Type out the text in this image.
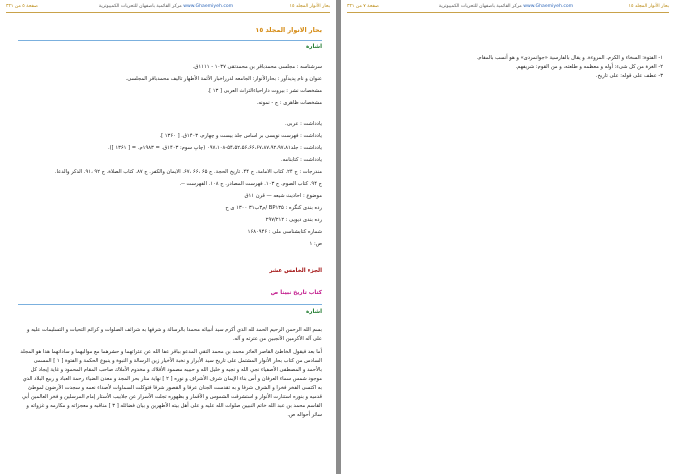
بحار الأنوار المجلد ١٥
مركز القائمية باصفهان للتحريات الكمپيوترية www.Ghaemiyeh.com
صفحة ٥ من ٣٢١
بحار الانوار المجلد ١٥
اشارة
سرشناسه : مجلسی محمدباقر بن محمدتقی ۱۰۳۷ - ۱۱۱۱ق.
عنوان و نام پديدآور : بحارالأنوار: الجامعه لدرراخبار الأئمة الأطهار تاليف محمدباقر المجلسی.
مشخصات نشر : بيروت داراحياءالتراث العربی [ ۱۳ ].
مشخصات ظاهری : ج - نمونه.
يادداشت : عربی.
يادداشت : فهرست نويسی بر اساس جلد بيست و چهارم، ۱۴۰۳ق. [ ۱۳۶۰ ].
يادداشت : جلد۵۴،۵۲،۵۶،۶۶،۶۷،۸۷،۹۲،۹۷،۸۱-۰۹۷،۱۰۸ (چاپ سوم: ۱۴۰۳ق. = ۱۹۸۳م. = [ ۱۳۶۱ ]).
يادداشت : کتابنامه.
مندرجات : ج ۲۴. کتاب الامامة. ج ۴۴. تاريخ الحجة. ج ۶۵ ،۶۶ ،۶۷. الايمان والكفر. ج ۸۷. كتاب الصلاة. ج ۹۲ ،۹۱. الذكر والدعا.
ج ۹۴. کتاب الصوم. ج ۱۰۳. فهرست المصادر. ج ۱۰۸. الفهرست --.
موضوع : احاديث شيعه — قرن ۱۱ق
رده بندی کنگره : BP۱۳۵ /م۳ب۳۱ ۱۳۰۰ ی ح
رده بندی ديويی : ۲۹۷/۲۱۲
شماره کتابشناسی ملی : ۱۶۸۰۹۴۶
ص: ۱
الجزء الخامس عشر
كتاب تاريخ نبينا ص
اشارة

بسم الله الرحمن الرحيم الحمد لله الذي أكرم سيد أنبيائه محمدا بالرسالة و شرفها به شرائف الصلوات و كرائم التحيات و التسليمات عليه و على آله الأكرمين الأنجبين من عترته و آله.

أما بعد فيقول الخاطئ القاصر العاثر محمد بن محمد التقي المدعو بباقر عفا الله عن عثراتهما و حشرهما مع مواليهما و ساداتهما هذا هو المجلد السادس من كتاب بحار الأنوار المشتمل على تاريخ سيد الأبرار و نخبة الأخيار زين الرسالة و النبوة و ينبوع الحكمة و الفتوة [ ۱ ] المسمى بالأحمد و المصطفى الأصفياء نجي الله و نجيه و خليل الله و حبيبه مصمود الأفلاك و مخدوم الأملاك صاحب المقام المحمود و غاية إيجاد كل موجود شمس سماء العرفان و أس بناء الإيمان شرف الأشراف و نوره [ ۲ ] نهاية منار بحر المجد و معدن الضياء رحمة العباد و ربيع البلاد الذي به اكتسى الفخر فخرا و الشرف شرفا و به تقدست الجنان عرفا و القصور شرفا فتوكلت السماوات لأصداء نعمه و سجدت الأرضون لموطئ قدميه و بنوره استنارت الأنوار و استشرقت الشموس و الأقمار و بظهوره تجلت الأسرار عن جلابيب الأستار إمام المرسلين و فخر العالمين أبي القاسم محمد بن عبد الله خاتم النبيين صلوات الله عليه و على أهل بيته الأطهرين و بيان فضائله [ ۳ ] مناقبه و معجزاته و مكارمه و غزواته و سائر أحواله ص.

بحار الأنوار المجلد ١٥
مركز القائمية باصفهان للتحريات الكمپيوترية www.Ghaemiyeh.com
صفحة ٧ من ٣٢١
۱- الفتوة: السخاء و الكرم. المروءة. و يقال بالفارسية «جوانمردی» و هو أنسب بالمقام.
۲- الغرة من كل شیء: أوله و معظمه و طلعته، و من القوم: شريفهم.
۳- عطف على قوله: على تاريخ.
